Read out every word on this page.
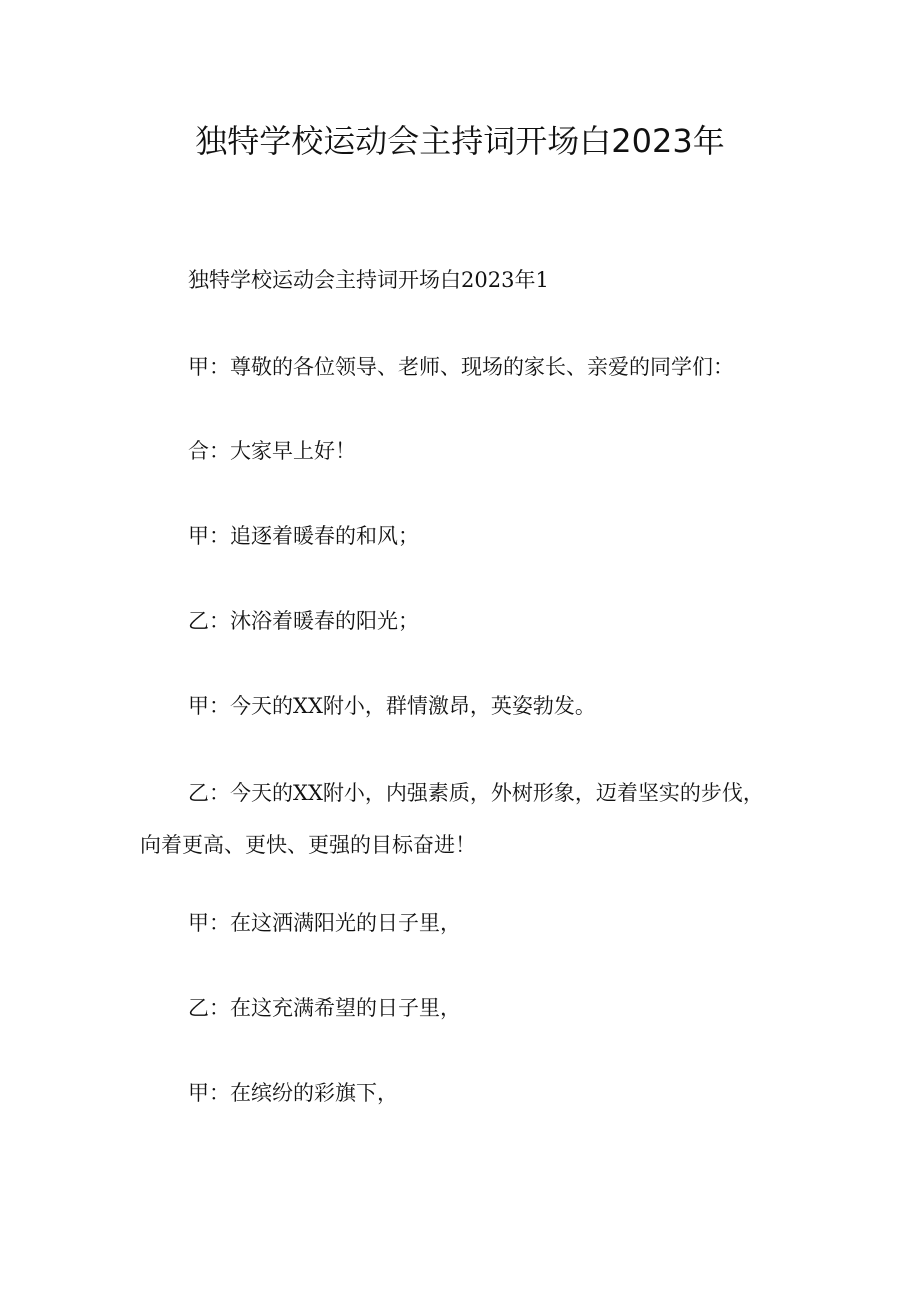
独特学校运动会主持词开场白2023年

独特学校运动会主持词开场白2023年1

甲：尊敬的各位领导、老师、现场的家长、亲爱的同学们：

合：大家早上好！

甲：追逐着暖春的和风；

乙：沐浴着暖春的阳光；

甲：今天的XX附小，群情激昂，英姿勃发。

乙：今天的XX附小，内强素质，外树形象，迈着坚实的步伐，向着更高、更快、更强的目标奋进！

甲：在这洒满阳光的日子里，

乙：在这充满希望的日子里，

甲：在缤纷的彩旗下，
